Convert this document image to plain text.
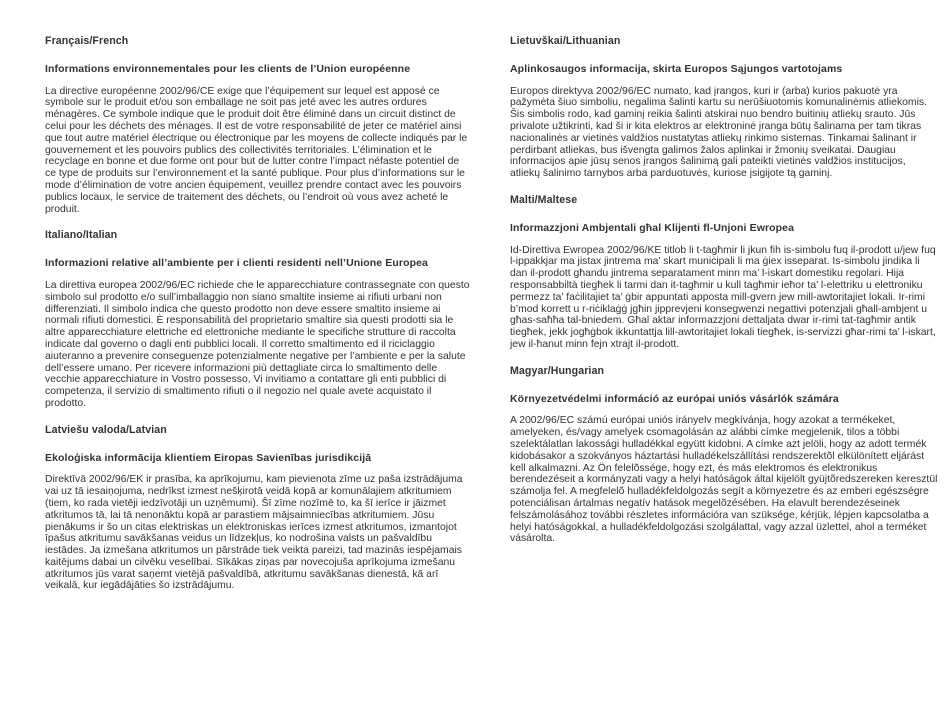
Français/French
Informations environnementales pour les clients de l’Union européenne

La directive européenne 2002/96/CE exige que l’équipement sur lequel est apposé ce symbole sur le produit et/ou son emballage ne soit pas jeté avec les autres ordures ménagères. Ce symbole indique que le produit doit être éliminé dans un circuit distinct de celui pour les déchets des ménages. Il est de votre responsabilité de jeter ce matériel ainsi que tout autre matériel électrique ou électronique par les moyens de collecte indiqués par le gouvernement et les pouvoirs publics des collectivités territoriales. L’élimination et le recyclage en bonne et due forme ont pour but de lutter contre l’impact néfaste potentiel de ce type de produits sur l’environnement et la santé publique. Pour plus d’informations sur le mode d’élimination de votre ancien équipement, veuillez prendre contact avec les pouvoirs publics locaux, le service de traitement des déchets, ou l’endroit où vous avez acheté le produit.

Italiano/Italian
Informazioni relative all’ambiente per i clienti residenti nell’Unione Europea

La direttiva europea 2002/96/EC richiede che le apparecchiature contrassegnate con questo simbolo sul prodotto e/o sull’imballaggio non siano smaltite insieme ai rifiuti urbani non differenziati. Il simbolo indica che questo prodotto non deve essere smaltito insieme ai normali rifiuti domestici. È responsabilità del proprietario smaltire sia questi prodotti sia le altre apparecchiature elettriche ed elettroniche mediante le specifiche strutture di raccolta indicate dal governo o dagli enti pubblici locali. Il corretto smaltimento ed il riciclaggio aiuteranno a prevenire conseguenze potenzialmente negative per l’ambiente e per la salute dell’essere umano. Per ricevere informazioni più dettagliate circa lo smaltimento delle vecchie apparecchiature in Vostro possesso, Vi invitiamo a contattare gli enti pubblici di competenza, il servizio di smaltimento rifiuti o il negozio nel quale avete acquistato il prodotto.

Latviešu valoda/Latvian
Ekoloģiska informācija klientiem Eiropas Savienības jurisdikcijā

Direktīvā 2002/96/EK ir prasība, ka aprīkojumu, kam pievienota zīme uz paša izstrādājuma vai uz tā iesaiņojuma, nedrīkst izmest nešķirotā veidā kopā ar komunālajiem atkritumiem (tiem, ko rada vietēji iedzīvotāji un uzņēmumi). Šī zīme nozīmē to, ka šī ierīce ir jāizmet atkritumos tā, lai tā nenonāktu kopā ar parastiem mājsaimniecības atkritumiem. Jūsu pienākums ir šo un citas elektriskas un elektroniskas ierīces izmest atkritumos, izmantojot īpašus atkritumu savākšanas veidus un līdzekļus, ko nodrošina valsts un pašvaldību iestādes. Ja izmešana atkritumos un pārstrāde tiek veikta pareizi, tad mazinās iespējamais kaitējums dabai un cilvēku veselībai. Sīkākas ziņas par novecojuša aprīkojuma izmešanu atkritumos jūs varat saņemt vietējā pašvaldībā, atkritumu savākšanas dienestā, kā arī veikalā, kur iegādājāties šo izstrādājumu.

Lietuvškai/Lithuanian
Aplinkosaugos informacija, skirta Europos Sąjungos vartotojams

Europos direktyva 2002/96/EC numato, kad įrangos, kuri ir (arba) kurios pakuotė yra pažymėta šiuo simboliu, negalima šalinti kartu su nerūšiuotomis komunalinėmis atliekomis. Šis simbolis rodo, kad gaminį reikia šalinti atskirai nuo bendro buitinių atliekų srauto. Jūs privalote užtikrinti, kad ši ir kita elektros ar elektroninė įranga būtų šalinama per tam tikras nacionalinės ar vietinės valdžios nustatytas atliekų rinkimo sistemas. Tinkamai šalinant ir perdirbant atliekas, bus išvengta galimos žalos aplinkai ir žmonių sveikatai. Daugiau informacijos apie jūsų senos įrangos šalinimą gali pateikti vietinės valdžios institucijos, atliekų šalinimo tarnybos arba parduotuvės, kuriose įsigijote tą gaminį.

Malti/Maltese
Informazzjoni Ambjentali għal Klijenti fl-Unjoni Ewropea

Id-Direttiva Ewropea 2002/96/KE titlob li t-tagħmir li jkun fih is-simbolu fuq il-prodott u/jew fuq l-ippakkjar ma jistax jintrema ma’ skart muniċipali li ma ġiex isseparat. Is-simbolu jindika li dan il-prodott għandu jintrema separatament minn ma’ l-iskart domestiku regolari. Hija responsabbiltà tiegħek li tarmi dan it-tagħmir u kull tagħmir ieħor ta’ l-elettriku u elettroniku permezz ta’ faċilitajiet ta’ ġbir appuntati apposta mill-gvern jew mill-awtoritajiet lokali. Ir-rimi b’mod korrett u r-riċiklaġġ jgħin jipprevjeni konsegwenzi negattivi potenzjali għall-ambjent u għas-saħħa tal-bniedem. Għal aktar informazzjoni dettaljata dwar ir-rimi tat-tagħmir antik tiegħek, jekk jogħġbok ikkuntattja lill-awtoritajiet lokali tiegħek, is-servizzi għar-rimi ta’ l-iskart, jew il-ħanut minn fejn xtrajt il-prodott.

Magyar/Hungarian
Környezetvédelmi információ az európai uniós vásárlók számára

A 2002/96/EC számú európai uniós irányelv megkívánja, hogy azokat a termékeket, amelyeken, és/vagy amelyek csomagolásán az alábbi címke megjelenik, tilos a többi szelektálatlan lakossági hulladékkal együtt kidobni. A címke azt jelöli, hogy az adott termék kidobásakor a szokványos háztartási hulladékelszállítási rendszerektõl elkülönített eljárást kell alkalmazni. Az Ön felelõssége, hogy ezt, és más elektromos és elektronikus berendezéseit a kormányzati vagy a helyi hatóságok által kijelölt gyüjtõredszereken keresztül számolja fel. A megfelelõ hulladékfeldolgozás segít a környezetre és az emberi egészségre potenciálisan ártalmas negatív hatások megelõzésében. Ha elavult berendezéseinek felszámolásához további részletes információra van szüksége, kérjük, lépjen kapcsolatba a helyi hatóságokkal, a hulladékfeldolgozási szolgálattal, vagy azzal üzlettel, ahol a terméket vásárolta.
